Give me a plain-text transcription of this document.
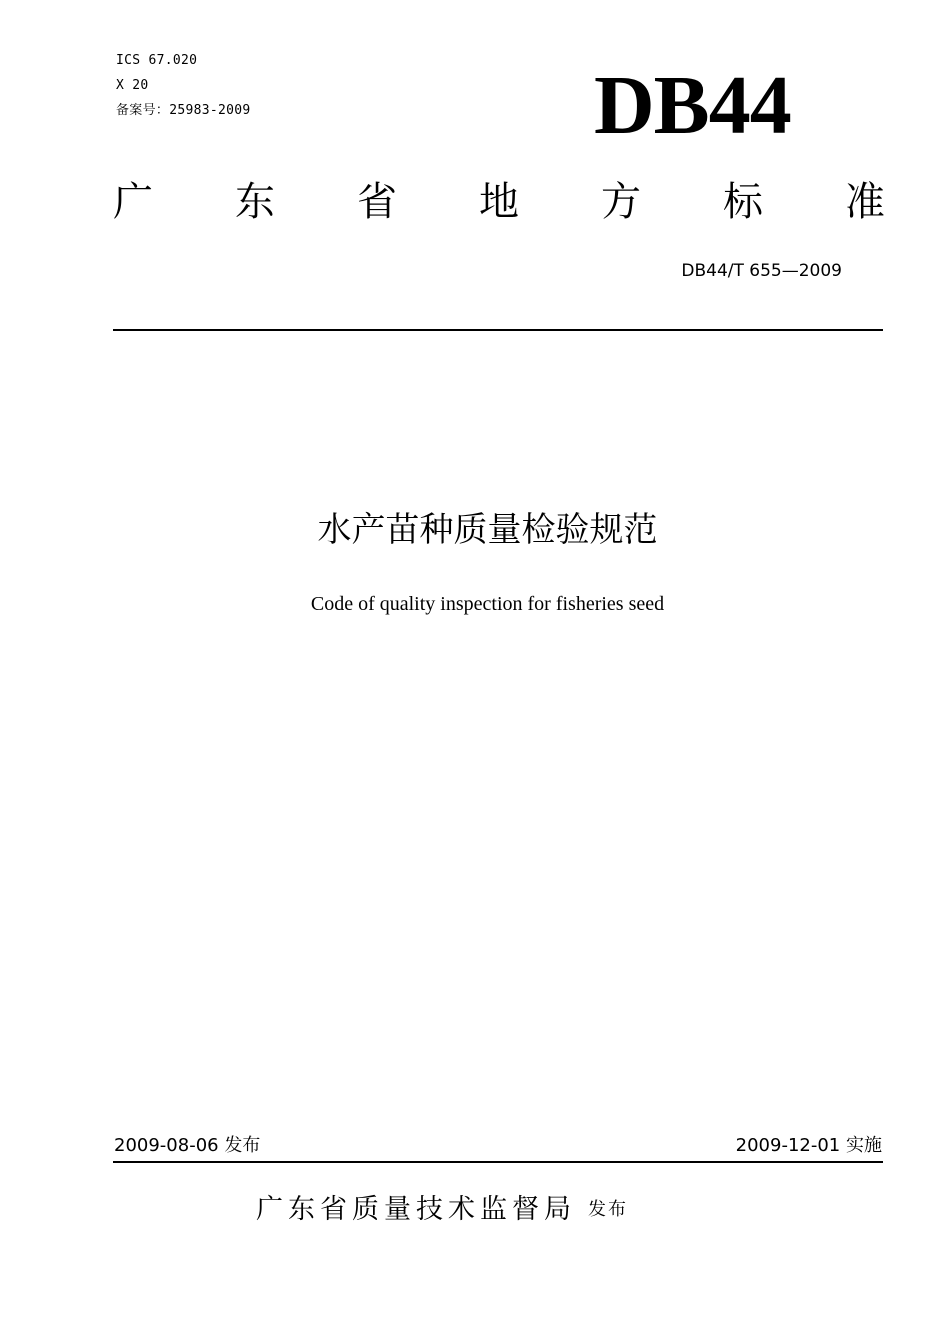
ICS 67.020
X 20
备案号：25983-2009	DB44
广 东 省 地 方 标 准
DB44/T 655—2009
水产苗种质量检验规范
Code of quality inspection for fisheries seed
2009-08-06 发布	2009-12-01 实施
广东省质量技术监督局 发布
